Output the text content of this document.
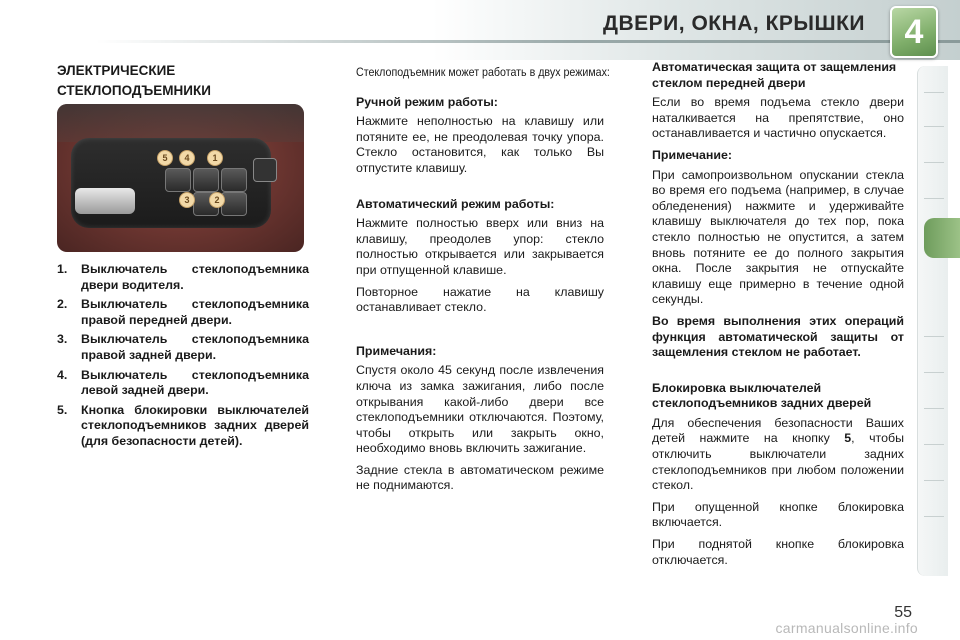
ДВЕРИ, ОКНА, КРЫШКИ	4
ЭЛЕКТРИЧЕСКИЕ
СТЕКЛОПОДЪЕМНИКИ
5	4	1
3	2
1.	Выключатель стеклоподъемника двери водителя.
2.	Выключатель стеклоподъемника правой передней двери.
3.	Выключатель стеклоподъемника правой задней двери.
4.	Выключатель стеклоподъемника левой задней двери.
5.	Кнопка блокировки выключателей стеклоподъемников задних дверей (для безопасности детей).
Стеклоподъемник может работать в двух режимах:
Ручной режим работы:

Нажмите неполностью на клавишу или потяните ее, не преодолевая точку упора. Стекло остановится, как только Вы отпустите клавишу.

Автоматический режим работы:

Нажмите полностью вверх или вниз на клавишу, преодолев упор: стекло полностью открывается или закрывается при отпущенной клавише.

Повторное нажатие на клавишу останавливает стекло.

Примечания:

Спустя около 45 секунд после извлечения ключа из замка зажигания, либо после открывания какой-либо двери все стеклоподъемники отключаются. Поэтому, чтобы открыть или закрыть окно, необходимо вновь включить зажигание.

Задние стекла в автоматическом режиме не поднимаются.

Автоматическая защита от защемления стеклом передней двери

Если во время подъема стекло двери наталкивается на препятствие, оно останавливается и частично опускается.

Примечание:

При самопроизвольном опускании стекла во время его подъема (например, в случае обледенения) нажмите и удерживайте клавишу выключателя до тех пор, пока стекло полностью не опустится, а затем вновь потяните ее до полного закрытия окна. После закрытия не отпускайте клавишу еще примерно в течение одной секунды.

Во время выполнения этих операций функция автоматической защиты от защемления стеклом не работает.
Блокировка выключателей стеклоподъемников задних дверей

Для обеспечения безопасности Ваших детей нажмите на кнопку 5, чтобы отключить выключатели задних стеклоподъемников при любом положении стекол.

При опущенной кнопке блокировка включается.

При поднятой кнопке блокировка отключается.

55
carmanualsonline.info
